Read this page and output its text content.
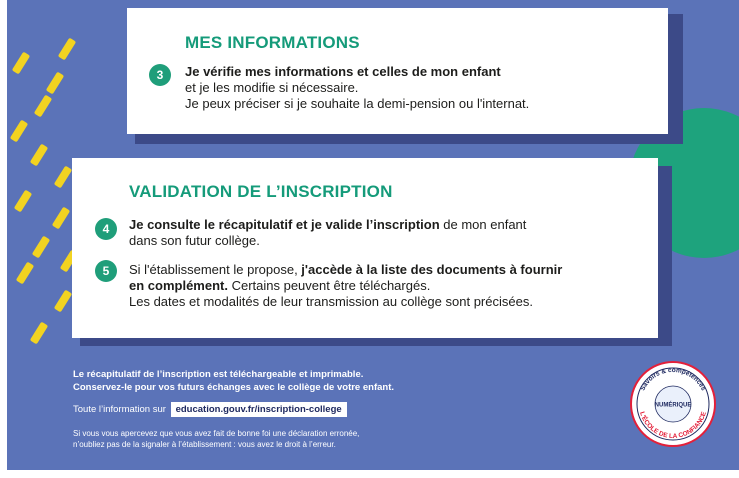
MES INFORMATIONS
3	Je vérifie mes informations et celles de mon enfant
et je les modifie si nécessaire.
Je peux préciser si je souhaite la demi-pension ou l'internat.
VALIDATION DE L’INSCRIPTION
4	Je consulte le récapitulatif et je valide l’inscription de mon enfant
dans son futur collège.
5	Si l'établissement le propose, j'accède à la liste des documents à fournir
en complément. Certains peuvent être téléchargés.
Les dates et modalités de leur transmission au collège sont précisées.
Le récapitulatif de l’inscription est téléchargeable et imprimable.
Conservez-le pour vos futurs échanges avec le collège de votre enfant.
Toute l’information sur education.gouv.fr/inscription-college
Si vous vous apercevez que vous avez fait de bonne foi une déclaration erronée,
n’oubliez pas de la signaler à l’établissement : vous avez le droit à l’erreur.
Savoirs & compétences
NUMÉRIQUE
L'ÉCOLE DE LA CONFIANCE
